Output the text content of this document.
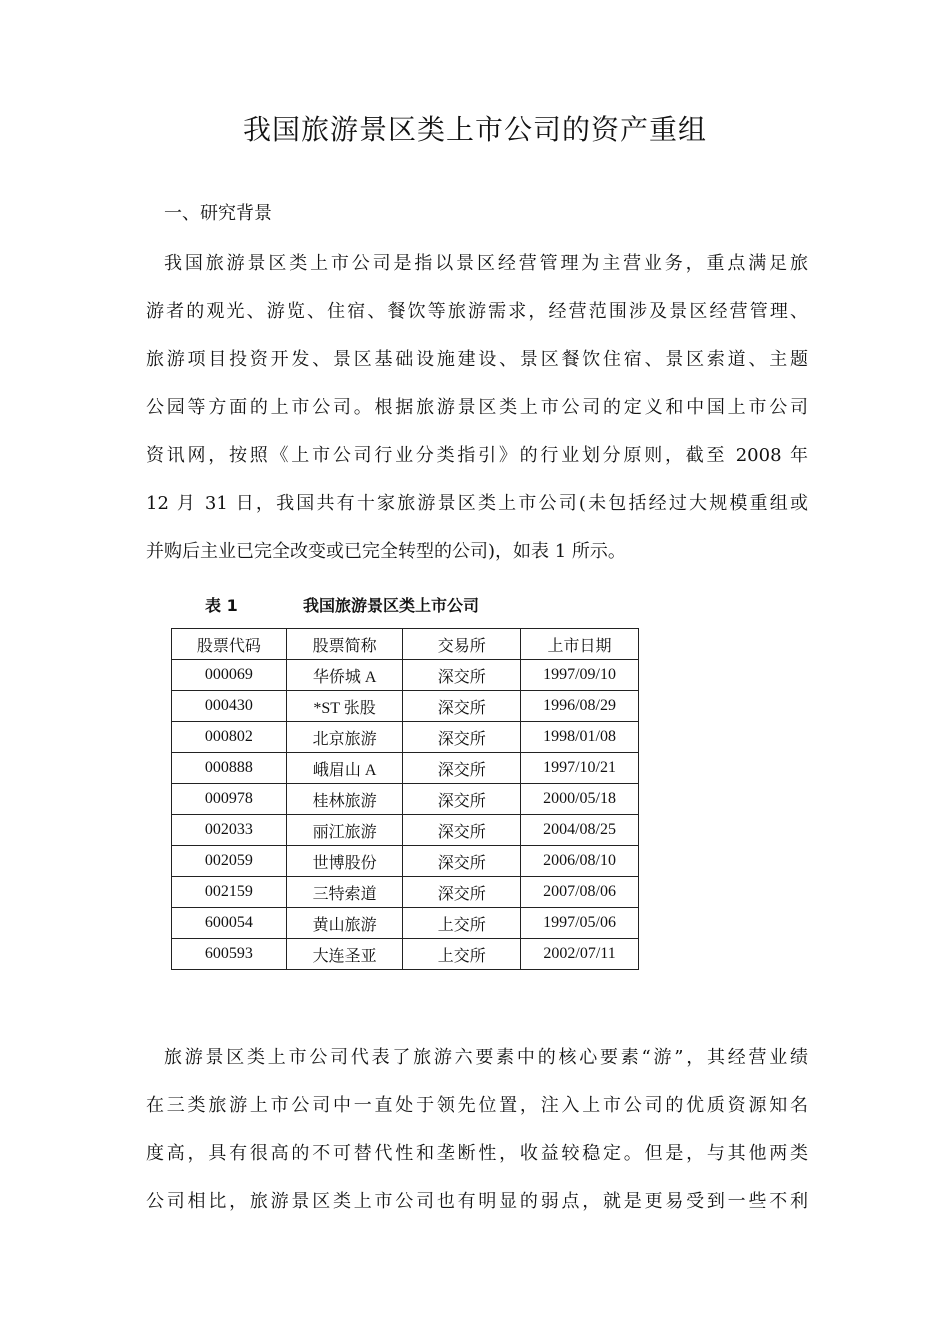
我国旅游景区类上市公司的资产重组
一、研究背景
我国旅游景区类上市公司是指以景区经营管理为主营业务，重点满足旅
游者的观光、游览、住宿、餐饮等旅游需求，经营范围涉及景区经营管理、
旅游项目投资开发、景区基础设施建设、景区餐饮住宿、景区索道、主题
公园等方面的上市公司。根据旅游景区类上市公司的定义和中国上市公司
资讯网，按照《上市公司行业分类指引》的行业划分原则，截至 2008 年
12 月 31 日，我国共有十家旅游景区类上市公司(未包括经过大规模重组或
并购后主业已完全改变或已完全转型的公司)，如表 1 所示。
表 1	我国旅游景区类上市公司
股票代码	股票简称	交易所	上市日期
000069	华侨城 A	深交所	1997/09/10
000430	*ST 张股	深交所	1996/08/29
000802	北京旅游	深交所	1998/01/08
000888	峨眉山 A	深交所	1997/10/21
000978	桂林旅游	深交所	2000/05/18
002033	丽江旅游	深交所	2004/08/25
002059	世博股份	深交所	2006/08/10
002159	三特索道	深交所	2007/08/06
600054	黄山旅游	上交所	1997/05/06
600593	大连圣亚	上交所	2002/07/11
旅游景区类上市公司代表了旅游六要素中的核心要素“游”，其经营业绩
在三类旅游上市公司中一直处于领先位置，注入上市公司的优质资源知名
度高，具有很高的不可替代性和垄断性，收益较稳定。但是，与其他两类
公司相比，旅游景区类上市公司也有明显的弱点，就是更易受到一些不利
